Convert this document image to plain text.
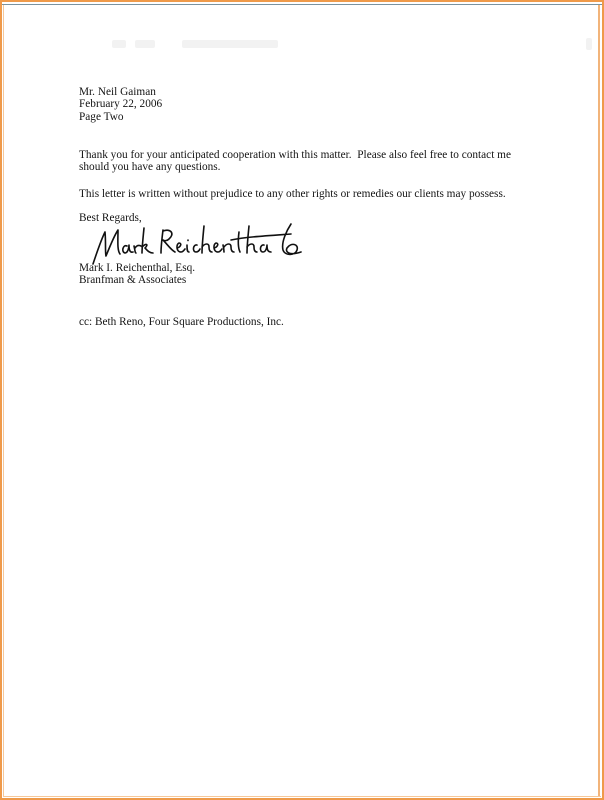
Mr. Neil Gaiman
February 22, 2006
Page Two
Thank you for your anticipated cooperation with this matter.  Please also feel free to contact me
should you have any questions.
This letter is written without prejudice to any other rights or remedies our clients may possess.
Best Regards,
Mark I. Reichenthal, Esq.
Branfman & Associates
cc: Beth Reno, Four Square Productions, Inc.
